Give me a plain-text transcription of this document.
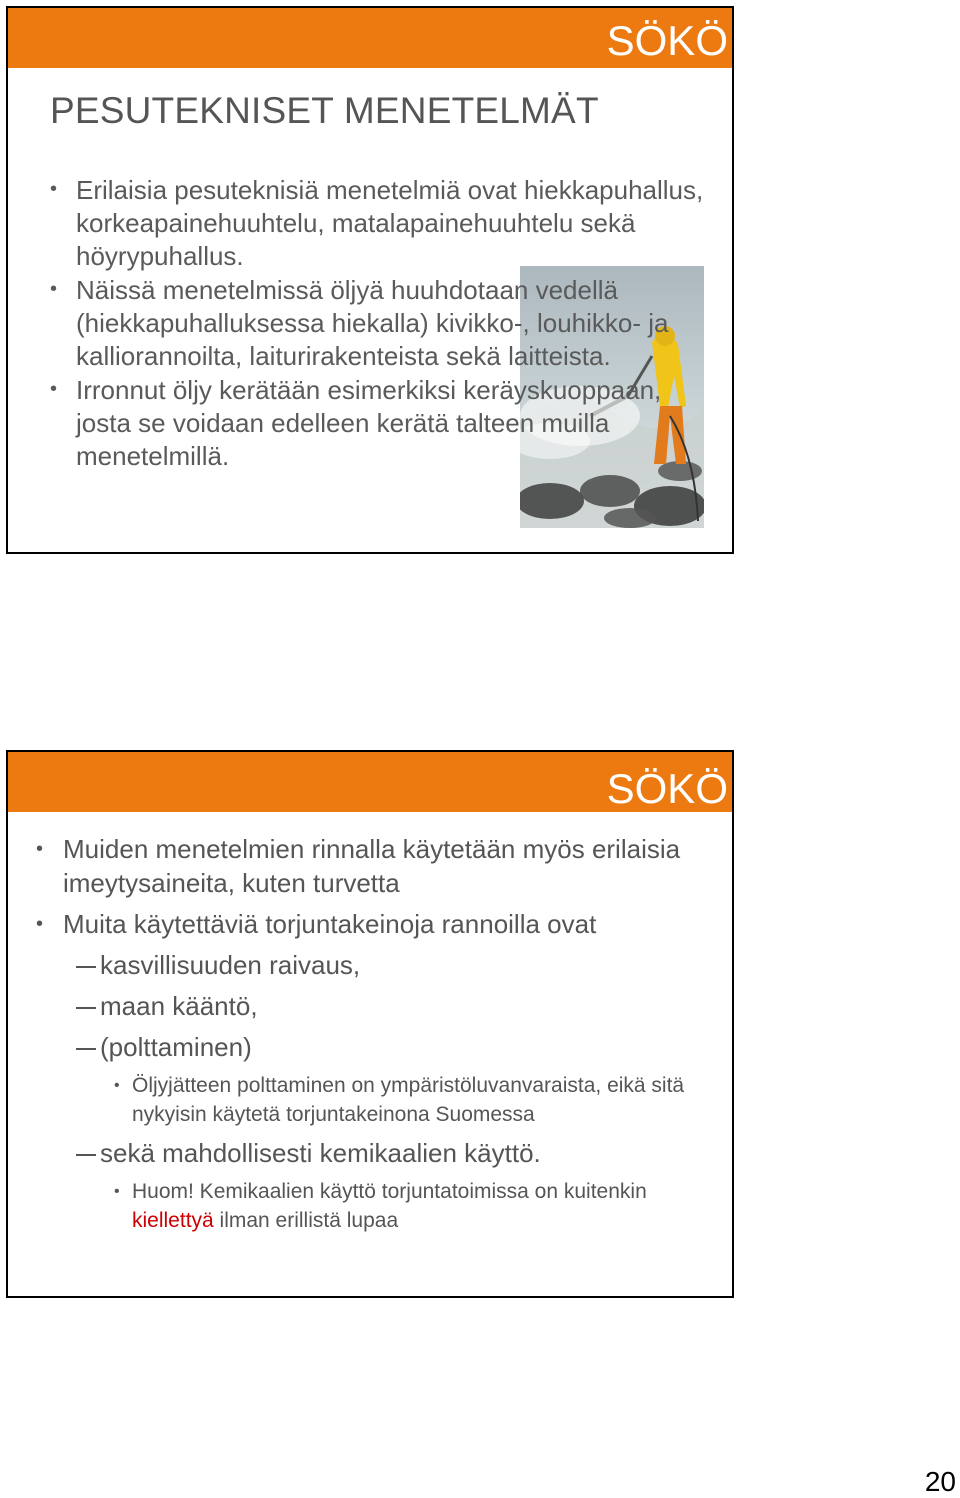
SÖKÖ
PESUTEKNISET MENETELMÄT
• Erilaisia pesuteknisiä menetelmiä ovat hiekkapuhallus, korkeapainehuuhtelu, matalapainehuuhtelu sekä höyrypuhallus.
• Näissä menetelmissä öljyä huuhdotaan vedellä (hiekkapuhalluksessa hiekalla) kivikko-, louhikko- ja kalliorannoilta, laiturirakenteista sekä laitteista.
• Irronnut öljy kerätään esimerkiksi keräyskuoppaan, josta se voidaan edelleen kerätä talteen muilla menetelmillä.
SÖKÖ
• Muiden menetelmien rinnalla käytetään myös erilaisia imeytysaineita, kuten turvetta
• Muita käytettäviä torjuntakeinoja rannoilla ovat
kasvillisuuden raivaus,
maan kääntö,
(polttaminen)
• Öljyjätteen polttaminen on ympäristöluvanvaraista, eikä sitä nykyisin käytetä torjuntakeinona Suomessa
sekä mahdollisesti kemikaalien käyttö.
• Huom! Kemikaalien käyttö torjuntatoimissa on kuitenkin kiellettyä ilman erillistä lupaa
20
